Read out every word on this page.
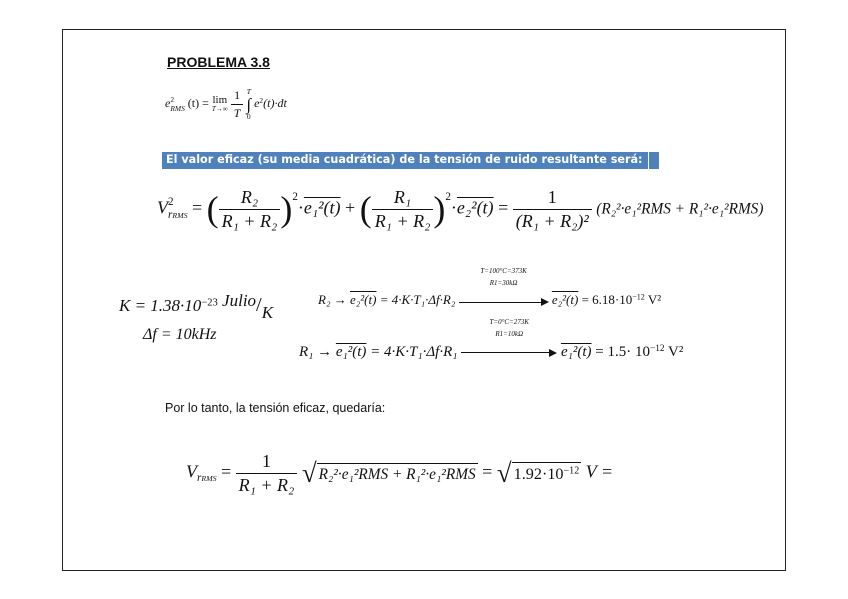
PROBLEMA 3.8
e 2
RMS (t) = lim
T→∞
$\frac{1}{T}$
T
∫
0
$e^2(t)\cdot dt$
El valor eficaz (su media cuadrática) de la tensión de ruido resultante será:
V 2
rRMS = ( $\frac{\text{R₂}}{\text{R₁ + R₂}} )^2\cdot e_1^2(t)$ + ( $\frac{\text{R₁}}{\text{R₁ + R₂}} )^2\cdot e_2^2(t) = \frac{1}{\text{(R₁ + R₂)²}} (R_2^2\cdot e_1^2RMS + R_1^2\cdot e_1^2RMS)$
$K = 1.38\cdot 10^{-23}$ Julio/K
Δf = 10kHz
R₂ → e₂²(t) = 4·K·T₁·Δf·R₂
T=100°C=373K
R1=30kΩ
$e_2^2(t) = 6.18\cdot 10^{-12}$ V²
R₁ → e₁²(t) = 4·K·T₁·Δf·R₁
T=0°C=273K
R1=10kΩ
$e_1^2(t) = 1.5\cdot 10^{-12}$ V²
Por lo tanto, la tensión eficaz, quedaría:
$V_{rRMS} = \frac{1}{\text{R₁ + R₂}}$ √ R₂²·e₁²RMS + R₁²·e₁²RMS = √ $1.92\cdot 10^{-12}$ V =
